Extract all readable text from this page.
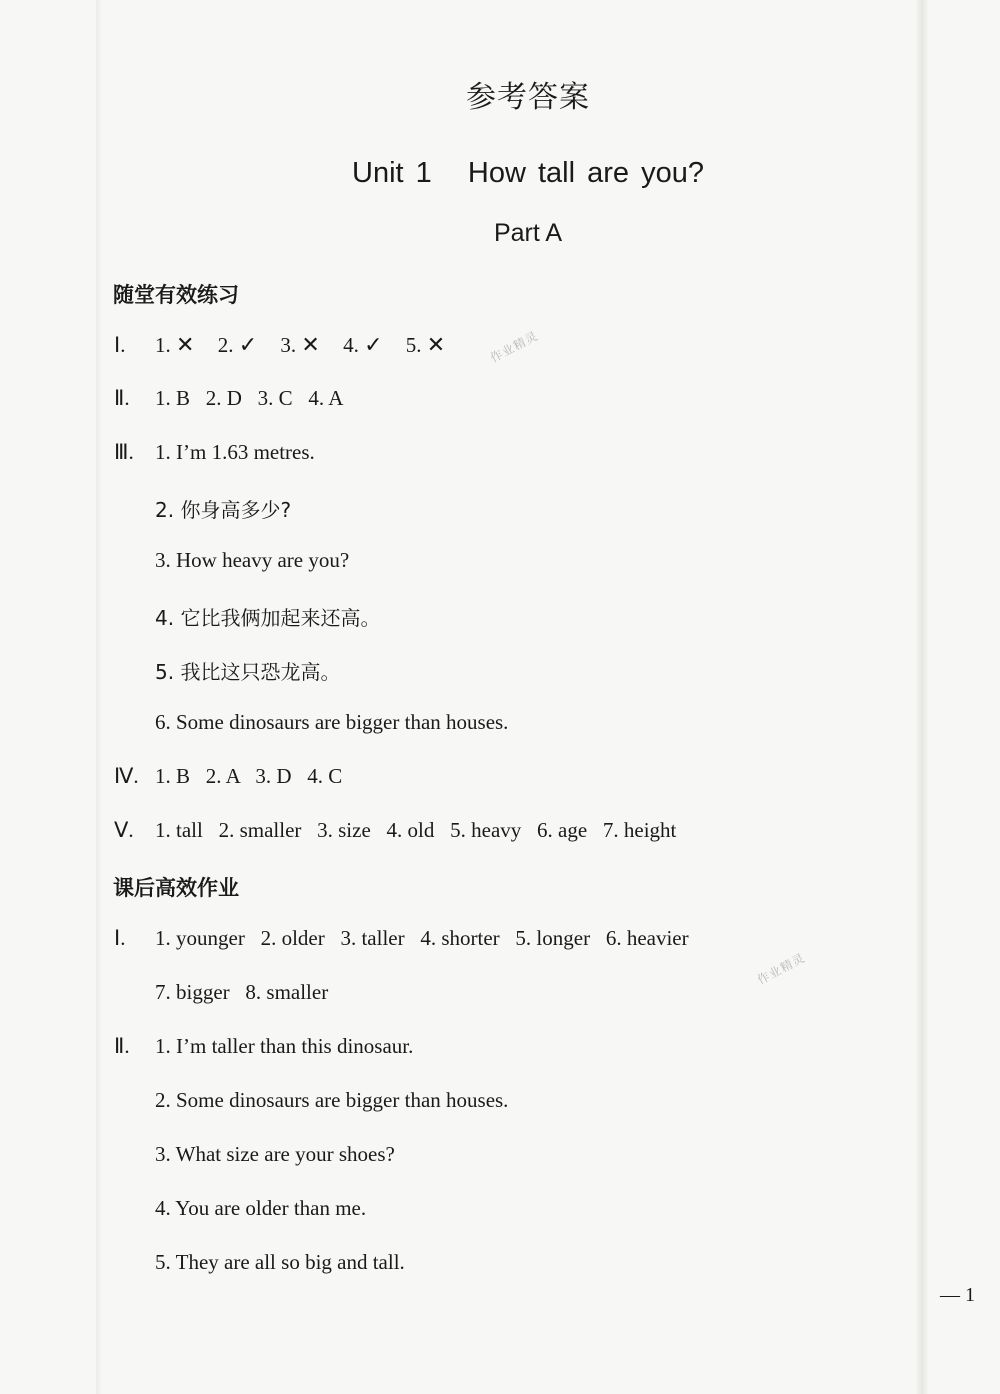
参考答案
Unit 1   How tall are you?
Part A
随堂有效练习
Ⅰ. 1. ✕ 2. ✓ 3. ✕ 4. ✓ 5. ✕	作业精灵
Ⅱ. 1. B   2. D   3. C   4. A
Ⅲ. 1. I’m 1.63 metres.
2. 你身高多少?
3. How heavy are you?
4. 它比我俩加起来还高。
5. 我比这只恐龙高。
6. Some dinosaurs are bigger than houses.
Ⅳ. 1. B   2. A   3. D   4. C
Ⅴ. 1. tall   2. smaller   3. size   4. old   5. heavy   6. age   7. height
课后高效作业
Ⅰ. 1. younger   2. older   3. taller   4. shorter   5. longer   6. heavier
7. bigger   8. smaller
作业精灵
Ⅱ. 1. I’m taller than this dinosaur.
2. Some dinosaurs are bigger than houses.
3. What size are your shoes?
4. You are older than me.
5. They are all so big and tall.
— 1
